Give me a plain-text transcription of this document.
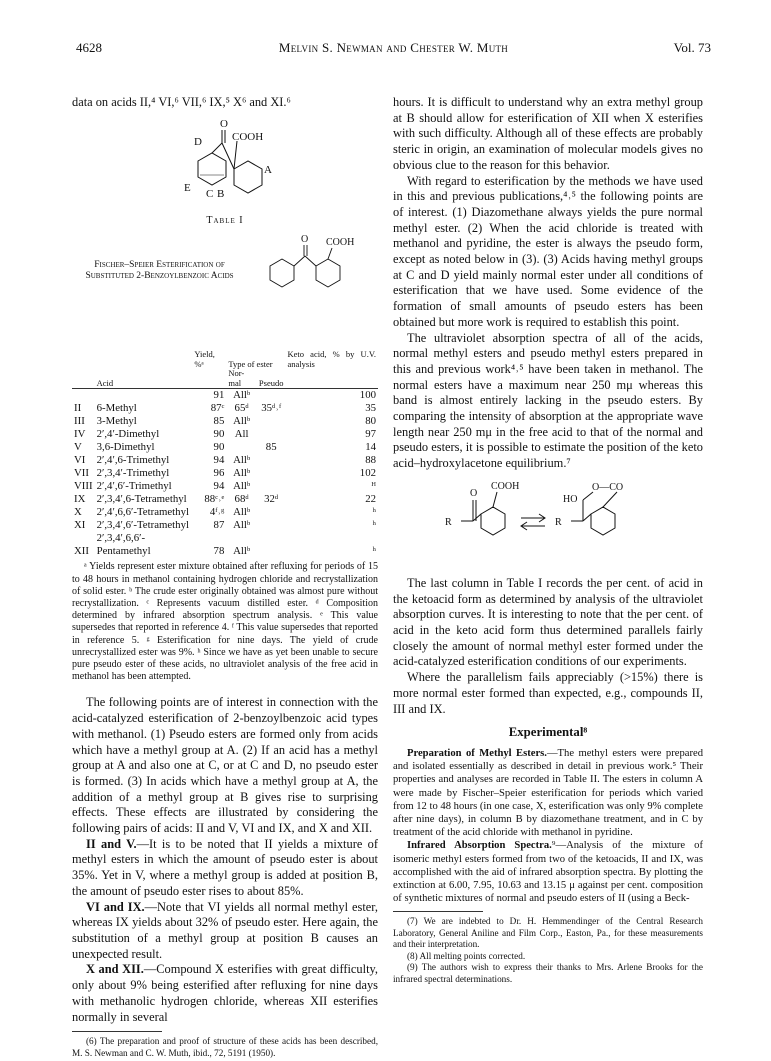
4628	Melvin S. Newman and Chester W. Muth	Vol. 73

data on acids II,⁴ VI,⁶ VII,⁶ IX,⁵ X⁶ and XI.⁶

D
O
COOH
A
E C B
Table I
Fischer–Speier Esterification of Substituted 2-Benzoylbenzoic Acids
O COOH
		Yield, %ᵃ	Type of ester		Keto acid, % by U.V. analysis
	Acid		Nor-mal	Pseudo	
		91	Allᵇ		100
II	6-Methyl	87ᶜ	65ᵈ	35ᵈ˒ᶠ	35
III	3-Methyl	85	Allᵇ		80
IV	2′,4′-Dimethyl	90	All		97
V	3,6-Dimethyl	90		85	14
VI	2′,4′,6-Trimethyl	94	Allᵇ		88
VII	2′,3,4′-Trimethyl	96	Allᵇ		102
VIII	2′,4′,6′-Trimethyl	94	Allᵇ		ᴴ
IX	2′,3,4′,6-Tetramethyl	88ᶜ˒ᵉ	68ᵈ	32ᵈ	22
X	2′,4′,6,6′-Tetramethyl	4ᶠ˒ᵍ	Allᵇ		ʰ
XI	2′,3,4′,6′-Tetramethyl	87	Allᵇ		ʰ
XII	2′,3,4′,6,6′-Pentamethyl	78	Allᵇ		ʰ

ᵃ Yields represent ester mixture obtained after refluxing for periods of 15 to 48 hours in methanol containing hydrogen chloride and recrystallization of solid ester. ᵇ The crude ester originally obtained was almost pure without recrystallization. ᶜ Represents vacuum distilled ester. ᵈ Composition determined by infrared absorption spectrum analysis. ᵉ This value supersedes that reported in reference 4. ᶠ This value supersedes that reported in reference 5. ᵍ Esterification for nine days. The yield of crude unrecrystallized ester was 9%. ʰ Since we have as yet been unable to secure pure pseudo ester of these acids, no ultraviolet analysis of the free acid in methanol has been attempted.

The following points are of interest in connection with the acid-catalyzed esterification of 2-benzoylbenzoic acid types with methanol. (1) Pseudo esters are formed only from acids which have a methyl group at A. (2) If an acid has a methyl group at A and also one at C, or at C and D, no pseudo ester is formed. (3) In acids which have a methyl group at A, the addition of a methyl group at B gives rise to surprising effects. These effects are illustrated by considering the following pairs of acids: II and V, VI and IX, and X and XII.

II and V.—It is to be noted that II yields a mixture of methyl esters in which the amount of pseudo ester is about 35%. Yet in V, where a methyl group is added at position B, the amount of pseudo ester rises to about 85%.

VI and IX.—Note that VI yields all normal methyl ester, whereas IX yields about 32% of pseudo ester. Here again, the substitution of a methyl group at position B causes an unexpected result.

X and XII.—Compound X esterifies with great difficulty, only about 9% being esterified after refluxing for nine days with methanolic hydrogen chloride, whereas XII esterifies normally in several

(6) The preparation and proof of structure of these acids has been described, M. S. Newman and C. W. Muth, ibid., 72, 5191 (1950).

hours. It is difficult to understand why an extra methyl group at B should allow for esterification of XII when X esterifies with such difficulty. Although all of these effects are probably steric in origin, an examination of molecular models gives no obvious clue to the reason for this behavior.

With regard to esterification by the methods we have used in this and previous publications,⁴˒⁵ the following points are of interest. (1) Diazomethane always yields the pure normal methyl ester. (2) When the acid chloride is treated with methanol and pyridine, the ester is always the pseudo form, except as noted below in (3). (3) Acids having methyl groups at C and D yield mainly normal ester under all conditions of esterification that we have used. Some evidence of the formation of small amounts of pseudo esters has been obtained but more work is required to establish this point.

The ultraviolet absorption spectra of all of the acids, normal methyl esters and pseudo methyl esters prepared in this and previous work⁴˒⁵ have been taken in methanol. The normal esters have a maximum near 250 mμ whereas this band is almost entirely lacking in the pseudo esters. By comparing the intensity of absorption at the appropriate wave length near 250 mμ in the free acid to that of the normal and pseudo esters, it is possible to estimate the position of the keto acid–hydroxylacetone equilibrium.⁷

O
COOH
R
HO
O—CO
R

The last column in Table I records the per cent. of acid in the ketoacid form as determined by analysis of the ultraviolet absorption curves. It is interesting to note that the per cent. of acid in the keto acid form thus determined parallels fairly closely the amount of normal methyl ester formed under the acid-catalyzed esterification conditions of our experiments.

Where the parallelism fails appreciably (>15%) there is more normal ester formed than expected, e.g., compounds II, III and IX.

Experimental⁸

Preparation of Methyl Esters.—The methyl esters were prepared and isolated essentially as described in detail in previous work.⁵ Their properties and analyses are recorded in Table II. The esters in column A were made by Fischer–Speier esterification for periods which varied from 12 to 48 hours (in one case, X, esterification was only 9% complete after nine days), in column B by diazomethane treatment, and in C by treatment of the acid chloride with methanol in pyridine.

Infrared Absorption Spectra.⁹—Analysis of the mixture of isomeric methyl esters formed from two of the ketoacids, II and IX, was accomplished with the aid of infrared absorption spectra. By plotting the extinction at 6.00, 7.95, 10.63 and 13.15 μ against per cent. composition of synthetic mixtures of normal and pseudo esters of II (using a Beck-

(7) We are indebted to Dr. H. Hemmendinger of the Central Research Laboratory, General Aniline and Film Corp., Easton, Pa., for these measurements and their interpretation.

(8) All melting points corrected.

(9) The authors wish to express their thanks to Mrs. Arlene Brooks for the infrared spectral determinations.
